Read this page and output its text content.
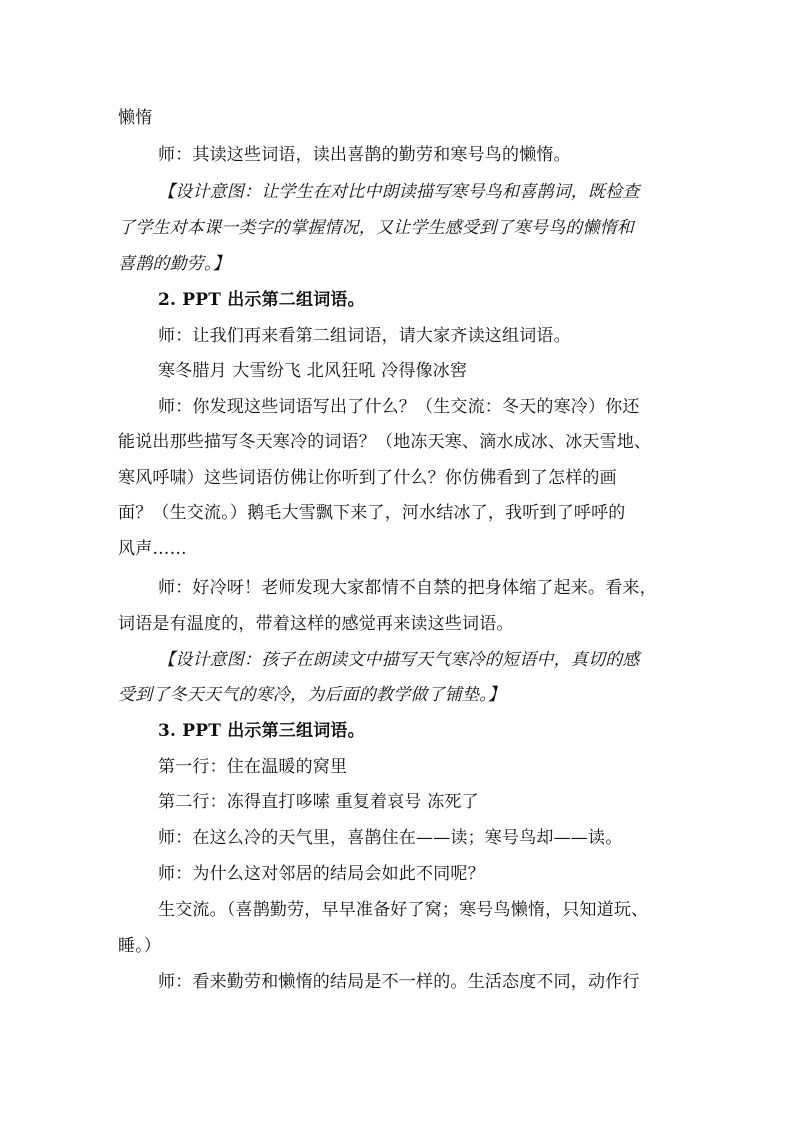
懒惰
师：其读这些词语，读出喜鹊的勤劳和寒号鸟的懒惰。
【设计意图：让学生在对比中朗读描写寒号鸟和喜鹊词，既检查
了学生对本课一类字的掌握情况，又让学生感受到了寒号鸟的懒惰和
喜鹊的勤劳。】
2. PPT 出示第二组词语。
师：让我们再来看第二组词语，请大家齐读这组词语。
寒冬腊月 大雪纷飞 北风狂吼 冷得像冰窖
师：你发现这些词语写出了什么？（生交流：冬天的寒冷）你还
能说出那些描写冬天寒冷的词语？（地冻天寒、滴水成冰、冰天雪地、
寒风呼啸）这些词语仿佛让你听到了什么？你仿佛看到了怎样的画
面？（生交流。）鹅毛大雪飘下来了，河水结冰了，我听到了呼呼的
风声……
师：好冷呀！老师发现大家都情不自禁的把身体缩了起来。看来，
词语是有温度的，带着这样的感觉再来读这些词语。
【设计意图：孩子在朗读文中描写天气寒冷的短语中，真切的感
受到了冬天天气的寒冷，为后面的教学做了铺垫。】
3. PPT 出示第三组词语。
第一行：住在温暖的窝里
第二行：冻得直打哆嗦 重复着哀号 冻死了
师：在这么冷的天气里，喜鹊住在——读；寒号鸟却——读。
师：为什么这对邻居的结局会如此不同呢？
生交流。（喜鹊勤劳，早早准备好了窝；寒号鸟懒惰，只知道玩、
睡。）
师：看来勤劳和懒惰的结局是不一样的。生活态度不同，动作行
